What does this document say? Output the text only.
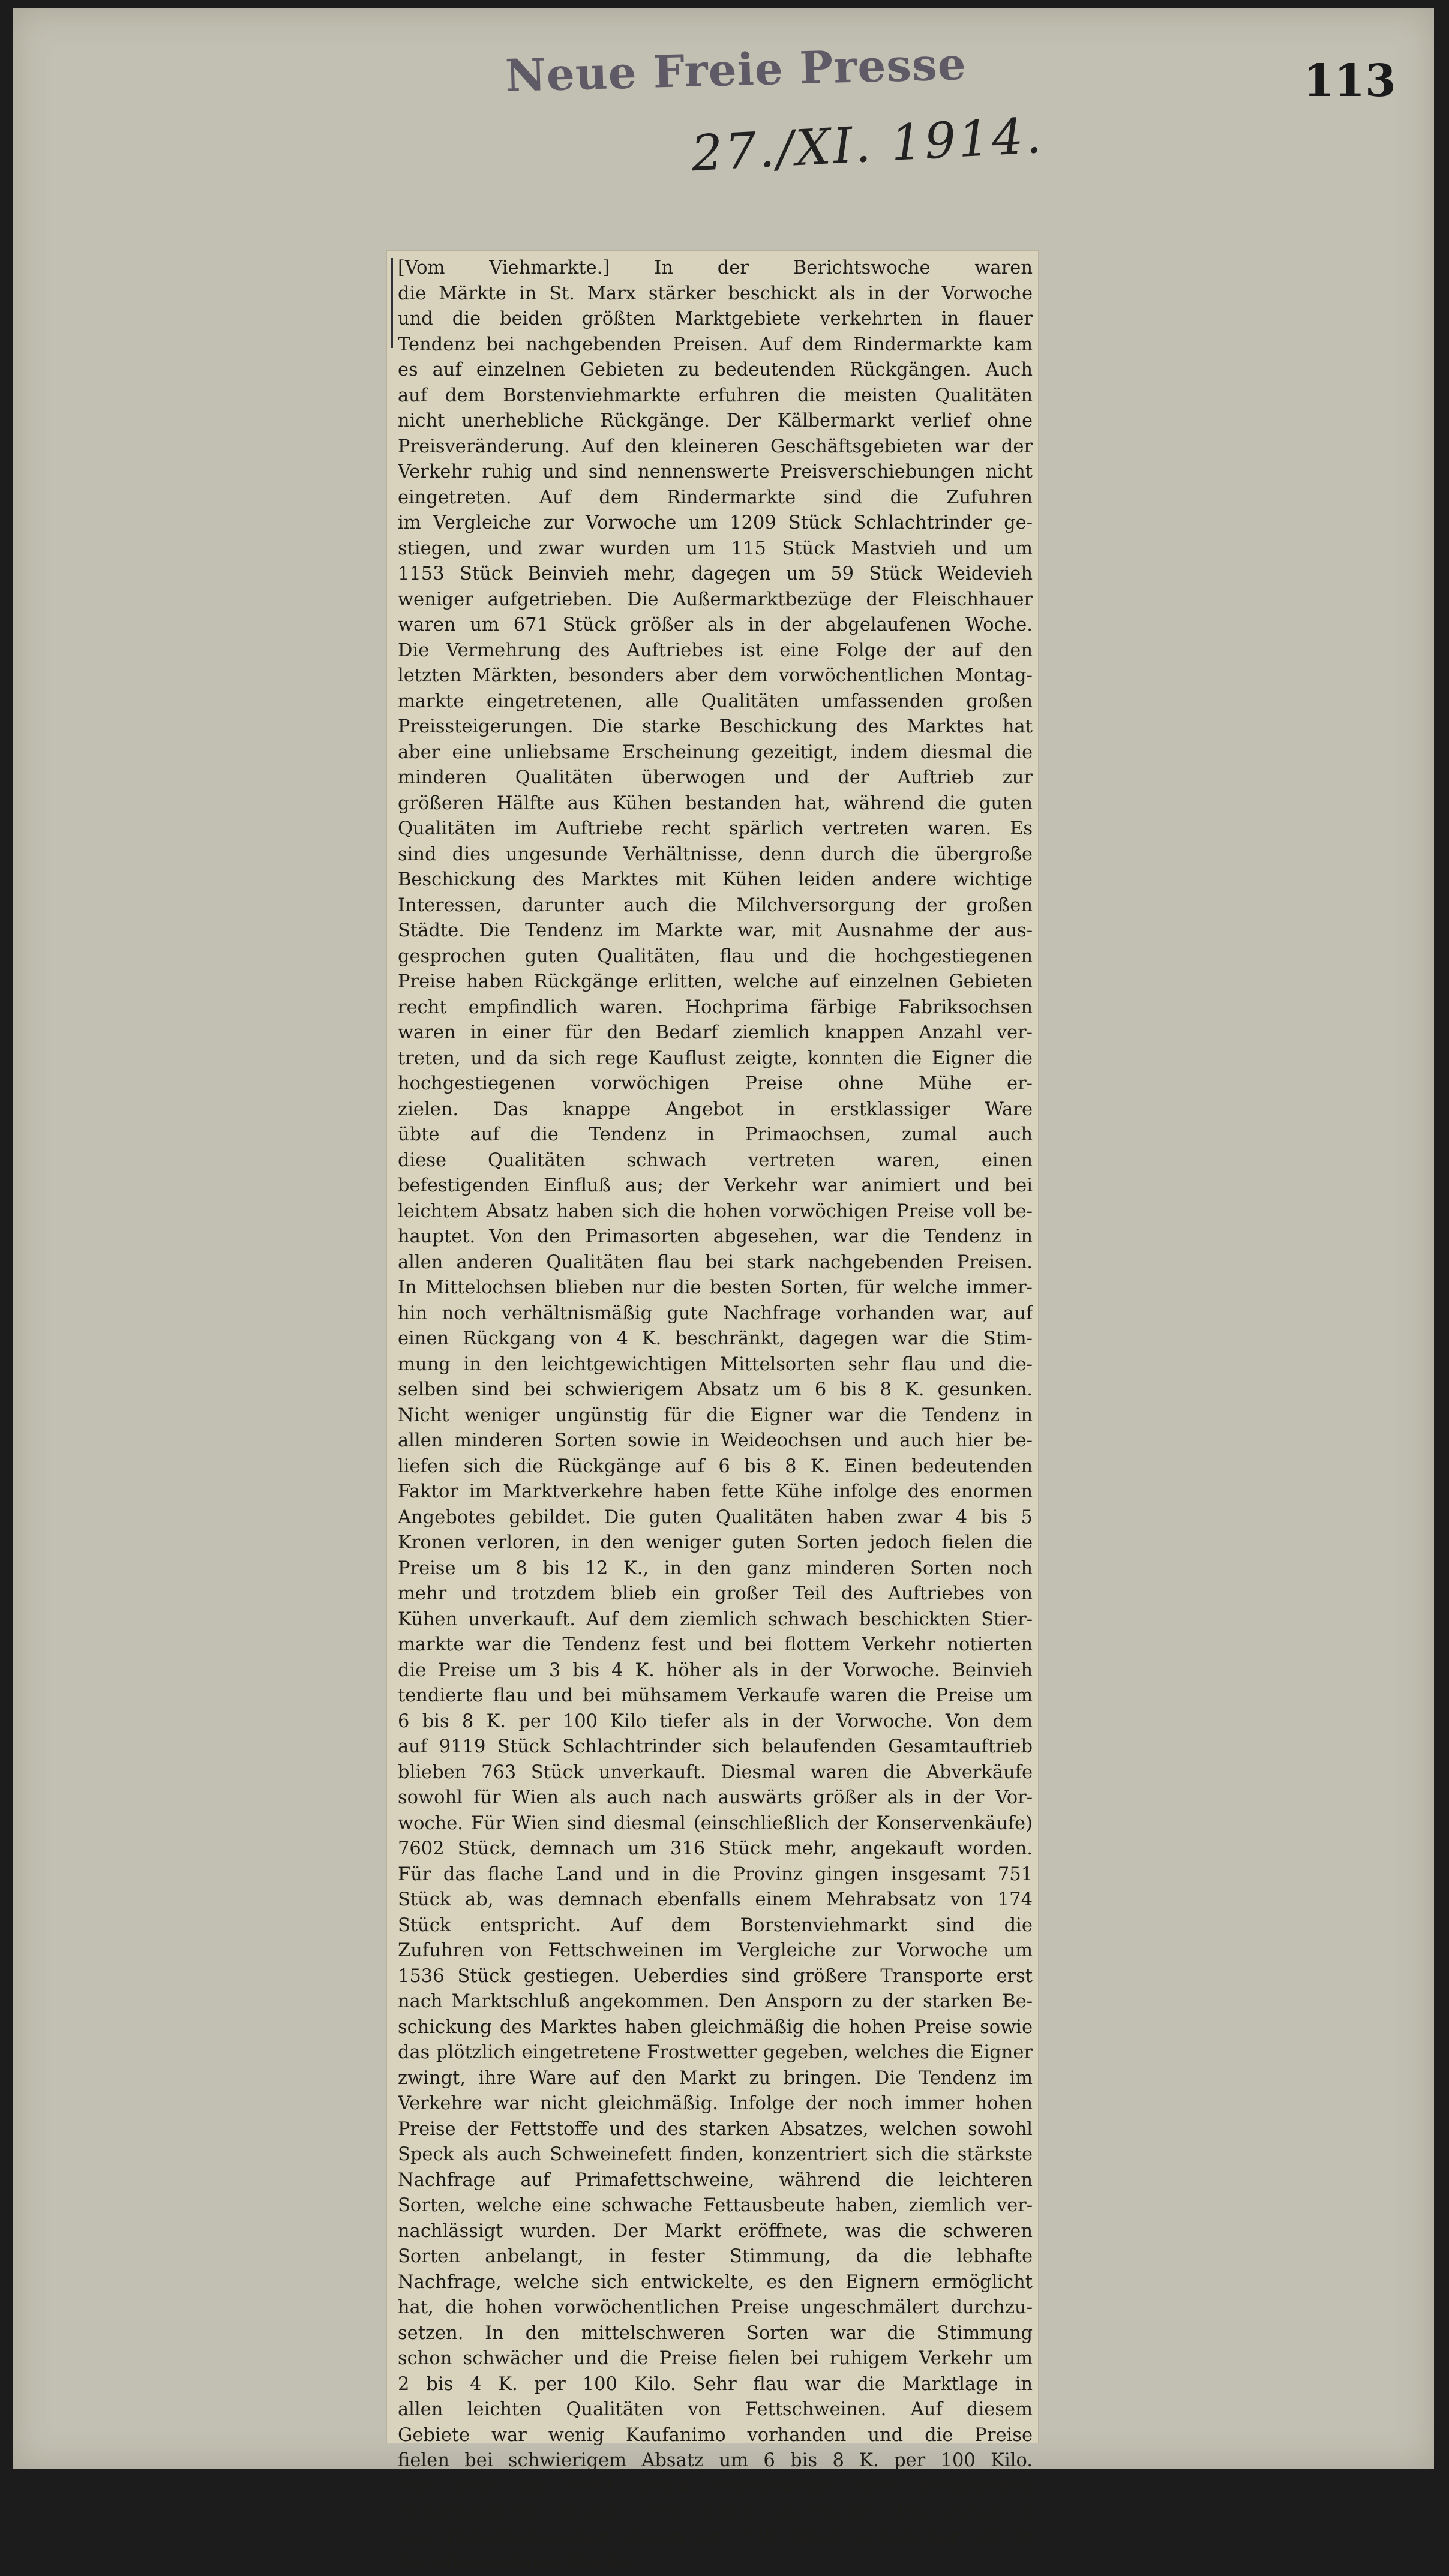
Neue Freie Presse	113
27./XI. 1914.
[Vom Viehmarkte.] In der Berichtswoche waren
die Märkte in St. Marx stärker beschickt als in der Vorwoche
und die beiden größten Marktgebiete verkehrten in flauer
Tendenz bei nachgebenden Preisen. Auf dem Rindermarkte kam
es auf einzelnen Gebieten zu bedeutenden Rückgängen. Auch
auf dem Borstenviehmarkte erfuhren die meisten Qualitäten
nicht unerhebliche Rückgänge. Der Kälbermarkt verlief ohne
Preisveränderung. Auf den kleineren Geschäftsgebieten war der
Verkehr ruhig und sind nennenswerte Preisverschiebungen nicht
eingetreten. Auf dem Rindermarkte sind die Zufuhren
im Vergleiche zur Vorwoche um 1209 Stück Schlachtrinder ge-
stiegen, und zwar wurden um 115 Stück Mastvieh und um
1153 Stück Beinvieh mehr, dagegen um 59 Stück Weidevieh
weniger aufgetrieben. Die Außermarktbezüge der Fleischhauer
waren um 671 Stück größer als in der abgelaufenen Woche.
Die Vermehrung des Auftriebes ist eine Folge der auf den
letzten Märkten, besonders aber dem vorwöchentlichen Montag-
markte eingetretenen, alle Qualitäten umfassenden großen
Preissteigerungen. Die starke Beschickung des Marktes hat
aber eine unliebsame Erscheinung gezeitigt, indem diesmal die
minderen Qualitäten überwogen und der Auftrieb zur
größeren Hälfte aus Kühen bestanden hat, während die guten
Qualitäten im Auftriebe recht spärlich vertreten waren. Es
sind dies ungesunde Verhältnisse, denn durch die übergroße
Beschickung des Marktes mit Kühen leiden andere wichtige
Interessen, darunter auch die Milchversorgung der großen
Städte. Die Tendenz im Markte war, mit Ausnahme der aus-
gesprochen guten Qualitäten, flau und die hochgestiegenen
Preise haben Rückgänge erlitten, welche auf einzelnen Gebieten
recht empfindlich waren. Hochprima färbige Fabriksochsen
waren in einer für den Bedarf ziemlich knappen Anzahl ver-
treten, und da sich rege Kauflust zeigte, konnten die Eigner die
hochgestiegenen vorwöchigen Preise ohne Mühe er-
zielen. Das knappe Angebot in erstklassiger Ware
übte auf die Tendenz in Primaochsen, zumal auch
diese Qualitäten schwach vertreten waren, einen
befestigenden Einfluß aus; der Verkehr war animiert und bei
leichtem Absatz haben sich die hohen vorwöchigen Preise voll be-
hauptet. Von den Primasorten abgesehen, war die Tendenz in
allen anderen Qualitäten flau bei stark nachgebenden Preisen.
In Mittelochsen blieben nur die besten Sorten, für welche immer-
hin noch verhältnismäßig gute Nachfrage vorhanden war, auf
einen Rückgang von 4 K. beschränkt, dagegen war die Stim-
mung in den leichtgewichtigen Mittelsorten sehr flau und die-
selben sind bei schwierigem Absatz um 6 bis 8 K. gesunken.
Nicht weniger ungünstig für die Eigner war die Tendenz in
allen minderen Sorten sowie in Weideochsen und auch hier be-
liefen sich die Rückgänge auf 6 bis 8 K. Einen bedeutenden
Faktor im Marktverkehre haben fette Kühe infolge des enormen
Angebotes gebildet. Die guten Qualitäten haben zwar 4 bis 5
Kronen verloren, in den weniger guten Sorten jedoch fielen die
Preise um 8 bis 12 K., in den ganz minderen Sorten noch
mehr und trotzdem blieb ein großer Teil des Auftriebes von
Kühen unverkauft. Auf dem ziemlich schwach beschickten Stier-
markte war die Tendenz fest und bei flottem Verkehr notierten
die Preise um 3 bis 4 K. höher als in der Vorwoche. Beinvieh
tendierte flau und bei mühsamem Verkaufe waren die Preise um
6 bis 8 K. per 100 Kilo tiefer als in der Vorwoche. Von dem
auf 9119 Stück Schlachtrinder sich belaufenden Gesamtauftrieb
blieben 763 Stück unverkauft. Diesmal waren die Abverkäufe
sowohl für Wien als auch nach auswärts größer als in der Vor-
woche. Für Wien sind diesmal (einschließlich der Konservenkäufe)
7602 Stück, demnach um 316 Stück mehr, angekauft worden.
Für das flache Land und in die Provinz gingen insgesamt 751
Stück ab, was demnach ebenfalls einem Mehrabsatz von 174
Stück entspricht. Auf dem Borstenviehmarkt sind die
Zufuhren von Fettschweinen im Vergleiche zur Vorwoche um
1536 Stück gestiegen. Ueberdies sind größere Transporte erst
nach Marktschluß angekommen. Den Ansporn zu der starken Be-
schickung des Marktes haben gleichmäßig die hohen Preise sowie
das plötzlich eingetretene Frostwetter gegeben, welches die Eigner
zwingt, ihre Ware auf den Markt zu bringen. Die Tendenz im
Verkehre war nicht gleichmäßig. Infolge der noch immer hohen
Preise der Fettstoffe und des starken Absatzes, welchen sowohl
Speck als auch Schweinefett finden, konzentriert sich die stärkste
Nachfrage auf Primafettschweine, während die leichteren
Sorten, welche eine schwache Fettausbeute haben, ziemlich ver-
nachlässigt wurden. Der Markt eröffnete, was die schweren
Sorten anbelangt, in fester Stimmung, da die lebhafte
Nachfrage, welche sich entwickelte, es den Eignern ermöglicht
hat, die hohen vorwöchentlichen Preise ungeschmälert durchzu-
setzen. In den mittelschweren Sorten war die Stimmung
schon schwächer und die Preise fielen bei ruhigem Verkehr um
2 bis 4 K. per 100 Kilo. Sehr flau war die Marktlage in
allen leichten Qualitäten von Fettschweinen. Auf diesem
Gebiete war wenig Kaufanimo vorhanden und die Preise
fielen bei schwierigem Absatz um 6 bis 8 K. per 100 Kilo.
Von dem auf 9941 Stück Fettschweine sich belaufenden
Gesamtauftrieb blieben 195 Stück unverkauft. Die Zufuhren
von Fleischschweinen waren um 749 Stück schwächer als in
der abgelaufenen Woche.
